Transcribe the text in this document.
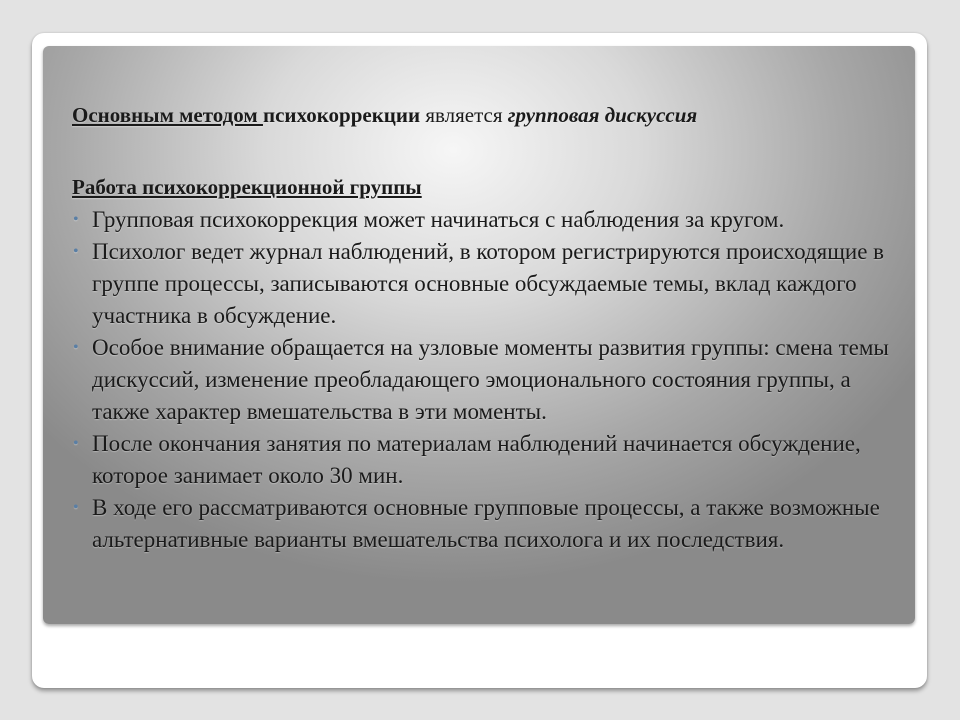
Основным методом психокоррекции является групповая дискуссия

Работа психокоррекционной группы
• Групповая психокоррекция может начинаться с наблюдения за кругом.
• Психолог ведет журнал наблюдений, в котором регистрируются происходящие в группе процессы, записываются основные обсуждаемые темы, вклад каждого участника в обсуждение.
• Особое внимание обращается на узловые моменты развития группы: смена темы дискуссий, изменение преобладающего эмоционального состояния группы, а также характер вмешательства в эти моменты.
• После окончания занятия по материалам наблюдений начинается обсуждение, которое занимает около 30 мин.
• В ходе его рассматриваются основные групповые процессы, а также возможные альтернативные варианты вмешательства психолога и их последствия.
